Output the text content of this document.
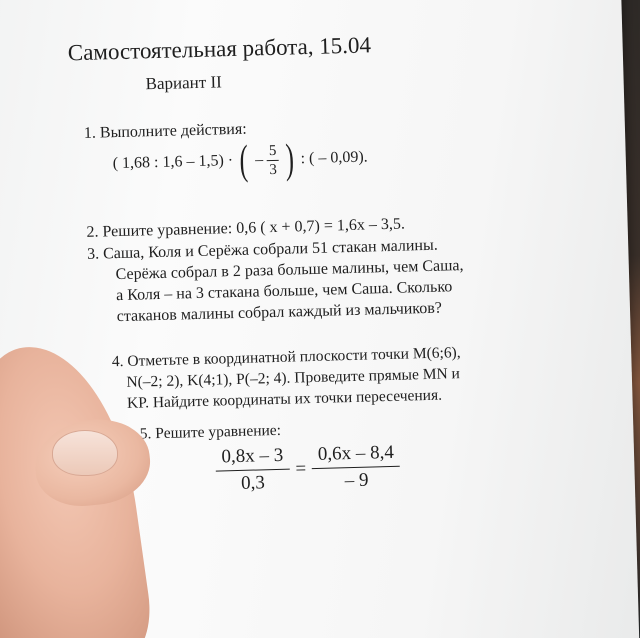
Самостоятельная работа, 15.04
Вариант II
1. Выполните действия:
( 1,68 : 1,6 – 1,5) · ( – $\frac{5}{3}$ ) : ( – 0,09).
2. Решите уравнение: 0,6 ( x + 0,7) = 1,6x – 3,5.
3. Саша, Коля и Серёжа собрали 51 стакан малины.
Серёжа собрал в 2 раза больше малины, чем Саша,
а Коля – на 3 стакана больше, чем Саша. Сколько
стаканов малины собрал каждый из мальчиков?
4. Отметьте в координатной плоскости точки M(6;6),
N(–2; 2), K(4;1), P(–2; 4). Проведите прямые MN и
KP. Найдите координаты их точки пересечения.
5. Решите уравнение:
$\frac{0,8x - 3}{0,3} = \frac{0,6x - 8,4}{- 9}$
